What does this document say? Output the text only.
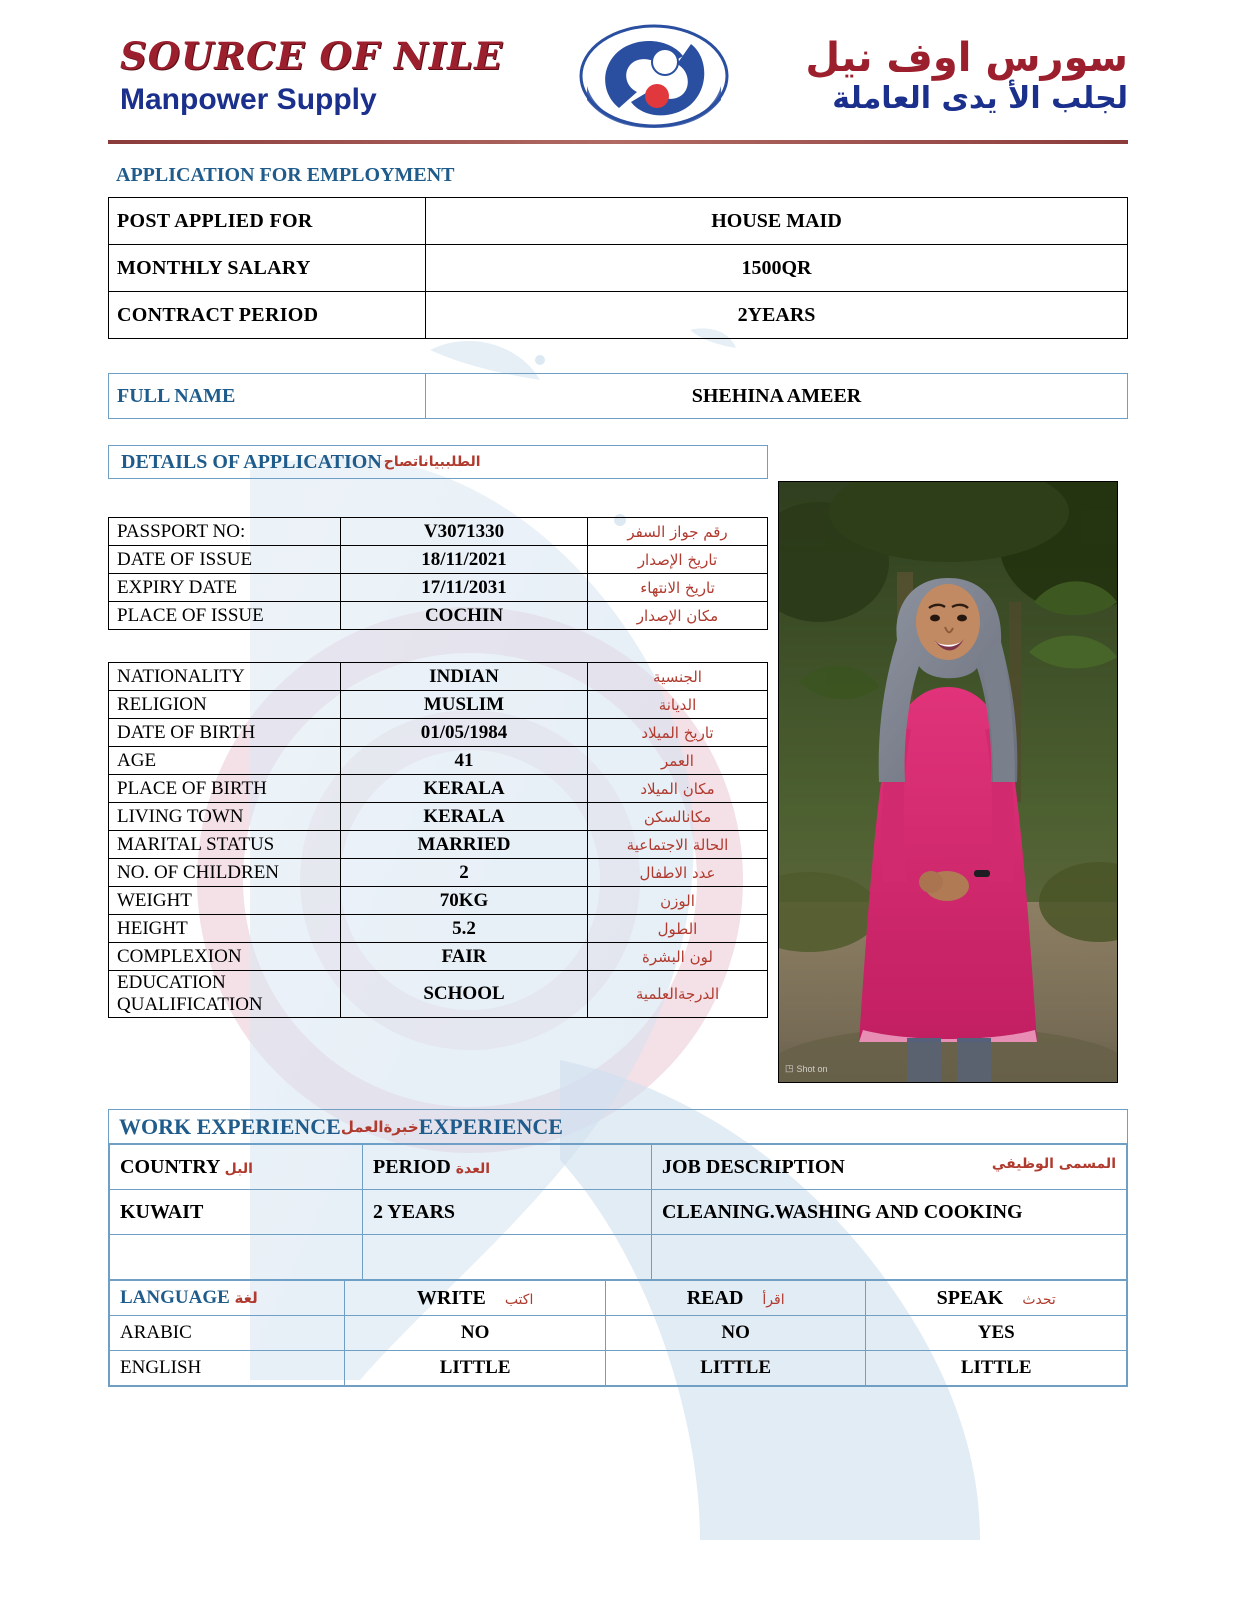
SOURCE OF NILE
Manpower Supply
سورس اوف نيل
لجلب الأ يدى العاملة
APPLICATION FOR EMPLOYMENT
POST APPLIED FOR	HOUSE MAID
MONTHLY SALARY	1500QR
CONTRACT PERIOD	2YEARS
FULL NAME	SHEHINA AMEER
DETAILS OF APPLICATION الطلببياناتصاح
PASSPORT NO:	V3071330	رقم جواز السفر
DATE OF ISSUE	18/11/2021	تاريخ الإصدار
EXPIRY DATE	17/11/2031	تاريخ الانتهاء
PLACE OF ISSUE	COCHIN	مكان الإصدار
NATIONALITY	INDIAN	الجنسية
RELIGION	MUSLIM	الديانة
DATE OF BIRTH	01/05/1984	تاريخ الميلاد
AGE	41	العمر
PLACE OF BIRTH	KERALA	مكان الميلاد
LIVING TOWN	KERALA	مكانالسكن
MARITAL STATUS	MARRIED	الحالة الاجتماعية
NO. OF CHILDREN	2	عدد الاطفال
WEIGHT	70KG	الوزن
HEIGHT	5.2	الطول
COMPLEXION	FAIR	لون البشرة
EDUCATION QUALIFICATION	SCHOOL	الدرجةالعلمية
◳ Shot on
WORK EXPERIENCE خبرةالعمل EXPERIENCE
COUNTRY البل	PERIOD العدة	JOB DESCRIPTION المسمى الوظيفي

KUWAIT	2 YEARS	CLEANING.WASHING AND COOKING

LANGUAGE لغة	WRITE اكتب	READ اقرأ	SPEAK تحدث
ARABIC	NO	NO	YES
ENGLISH	LITTLE	LITTLE	LITTLE
